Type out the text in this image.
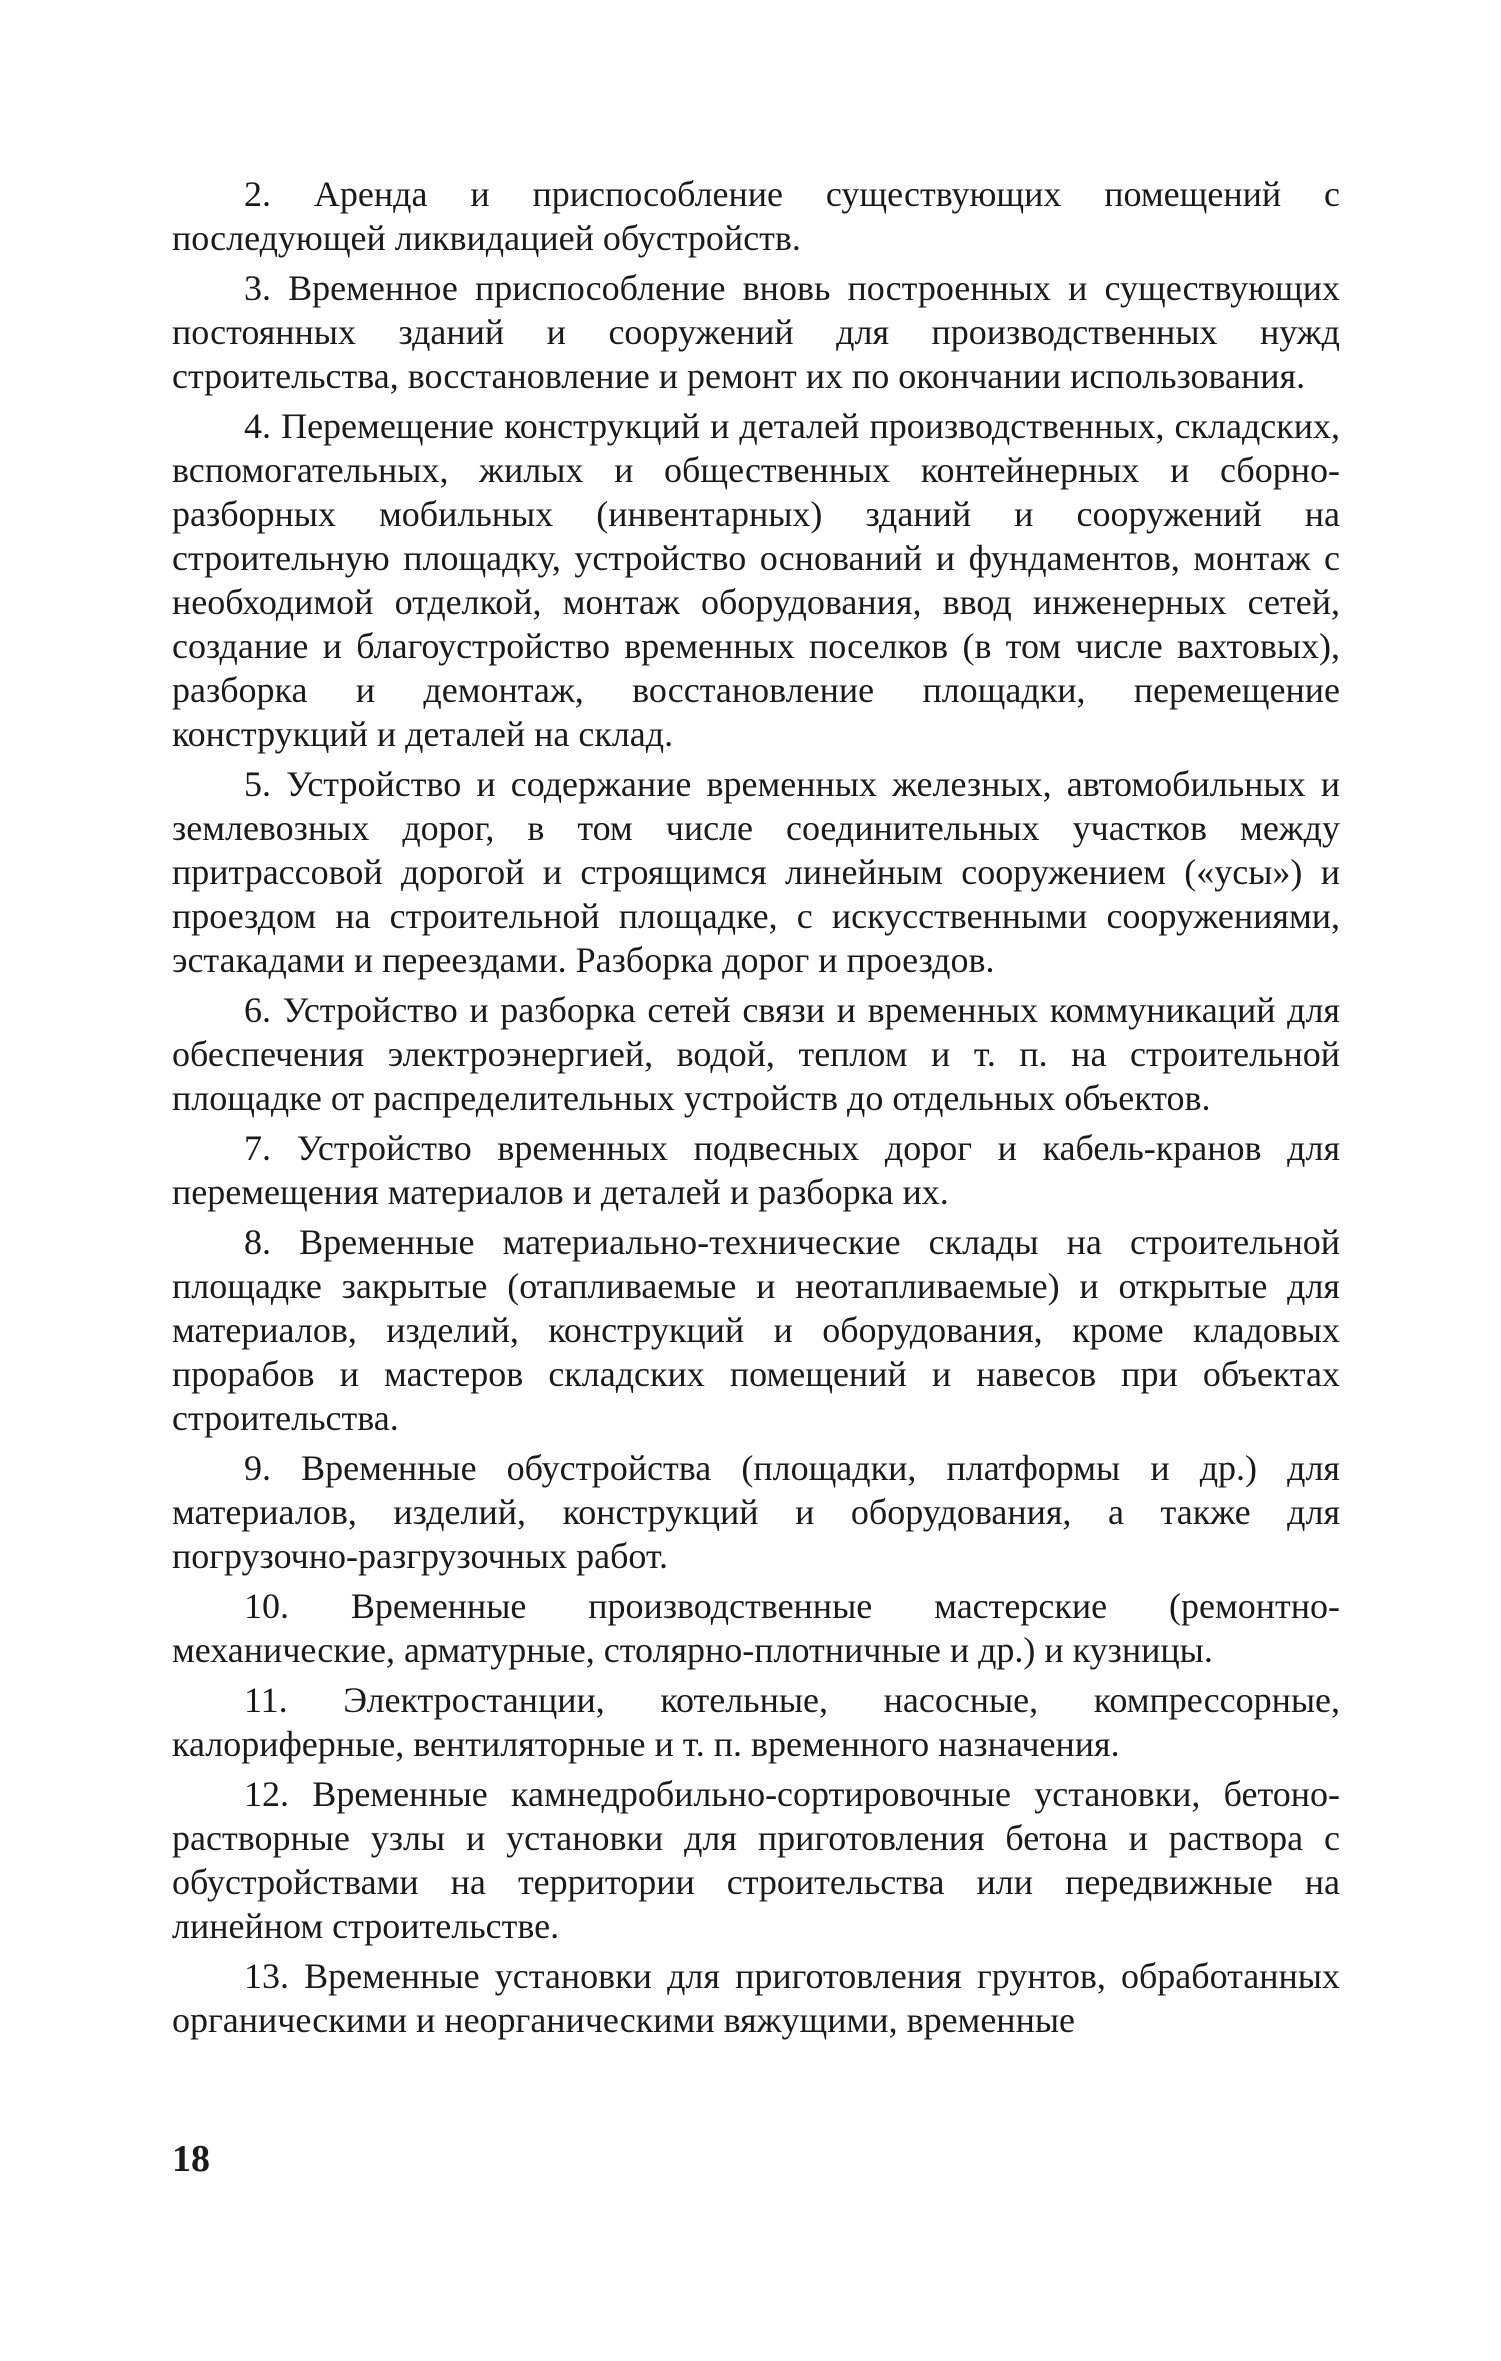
2. Аренда и приспособление существующих помещений с последующей ликвидацией обустройств.

3. Временное приспособление вновь построенных и существующих постоянных зданий и сооружений для производственных нужд строительства, восстановление и ремонт их по окончании использования.

4. Перемещение конструкций и деталей производственных, складских, вспомогательных, жилых и общественных контейнерных и сборно-разборных мобильных (инвентарных) зданий и сооружений на строительную площадку, устройство оснований и фундаментов, монтаж с необходимой отделкой, монтаж оборудования, ввод инженерных сетей, создание и благоустройство временных поселков (в том числе вахтовых), разборка и демонтаж, восстановление площадки, перемещение конструкций и деталей на склад.

5. Устройство и содержание временных железных, автомобильных и землевозных дорог, в том числе соединительных участков между притрассовой дорогой и строящимся линейным сооружением («усы») и проездом на строительной площадке, с искусственными сооружениями, эстакадами и переездами. Разборка дорог и проездов.

6. Устройство и разборка сетей связи и временных коммуникаций для обеспечения электроэнергией, водой, теплом и т. п. на строительной площадке от распределительных устройств до отдельных объектов.

7. Устройство временных подвесных дорог и кабель-кранов для перемещения материалов и деталей и разборка их.

8. Временные материально-технические склады на строительной площадке закрытые (отапливаемые и неотапливаемые) и открытые для материалов, изделий, конструкций и оборудования, кроме кладовых прорабов и мастеров складских помещений и навесов при объектах строительства.

9. Временные обустройства (площадки, платформы и др.) для материалов, изделий, конструкций и оборудования, а также для погрузочно-разгрузочных работ.

10. Временные производственные мастерские (ремонтно-механические, арматурные, столярно-плотничные и др.) и кузницы.

11. Электростанции, котельные, насосные, компрессорные, калориферные, вентиляторные и т. п. временного назначения.

12. Временные камнедробильно-сортировочные установки, бетоно-растворные узлы и установки для приготовления бетона и раствора с обустройствами на территории строительства или передвижные на линейном строительстве.

13. Временные установки для приготовления грунтов, обработанных органическими и неорганическими вяжущими, временные

18
